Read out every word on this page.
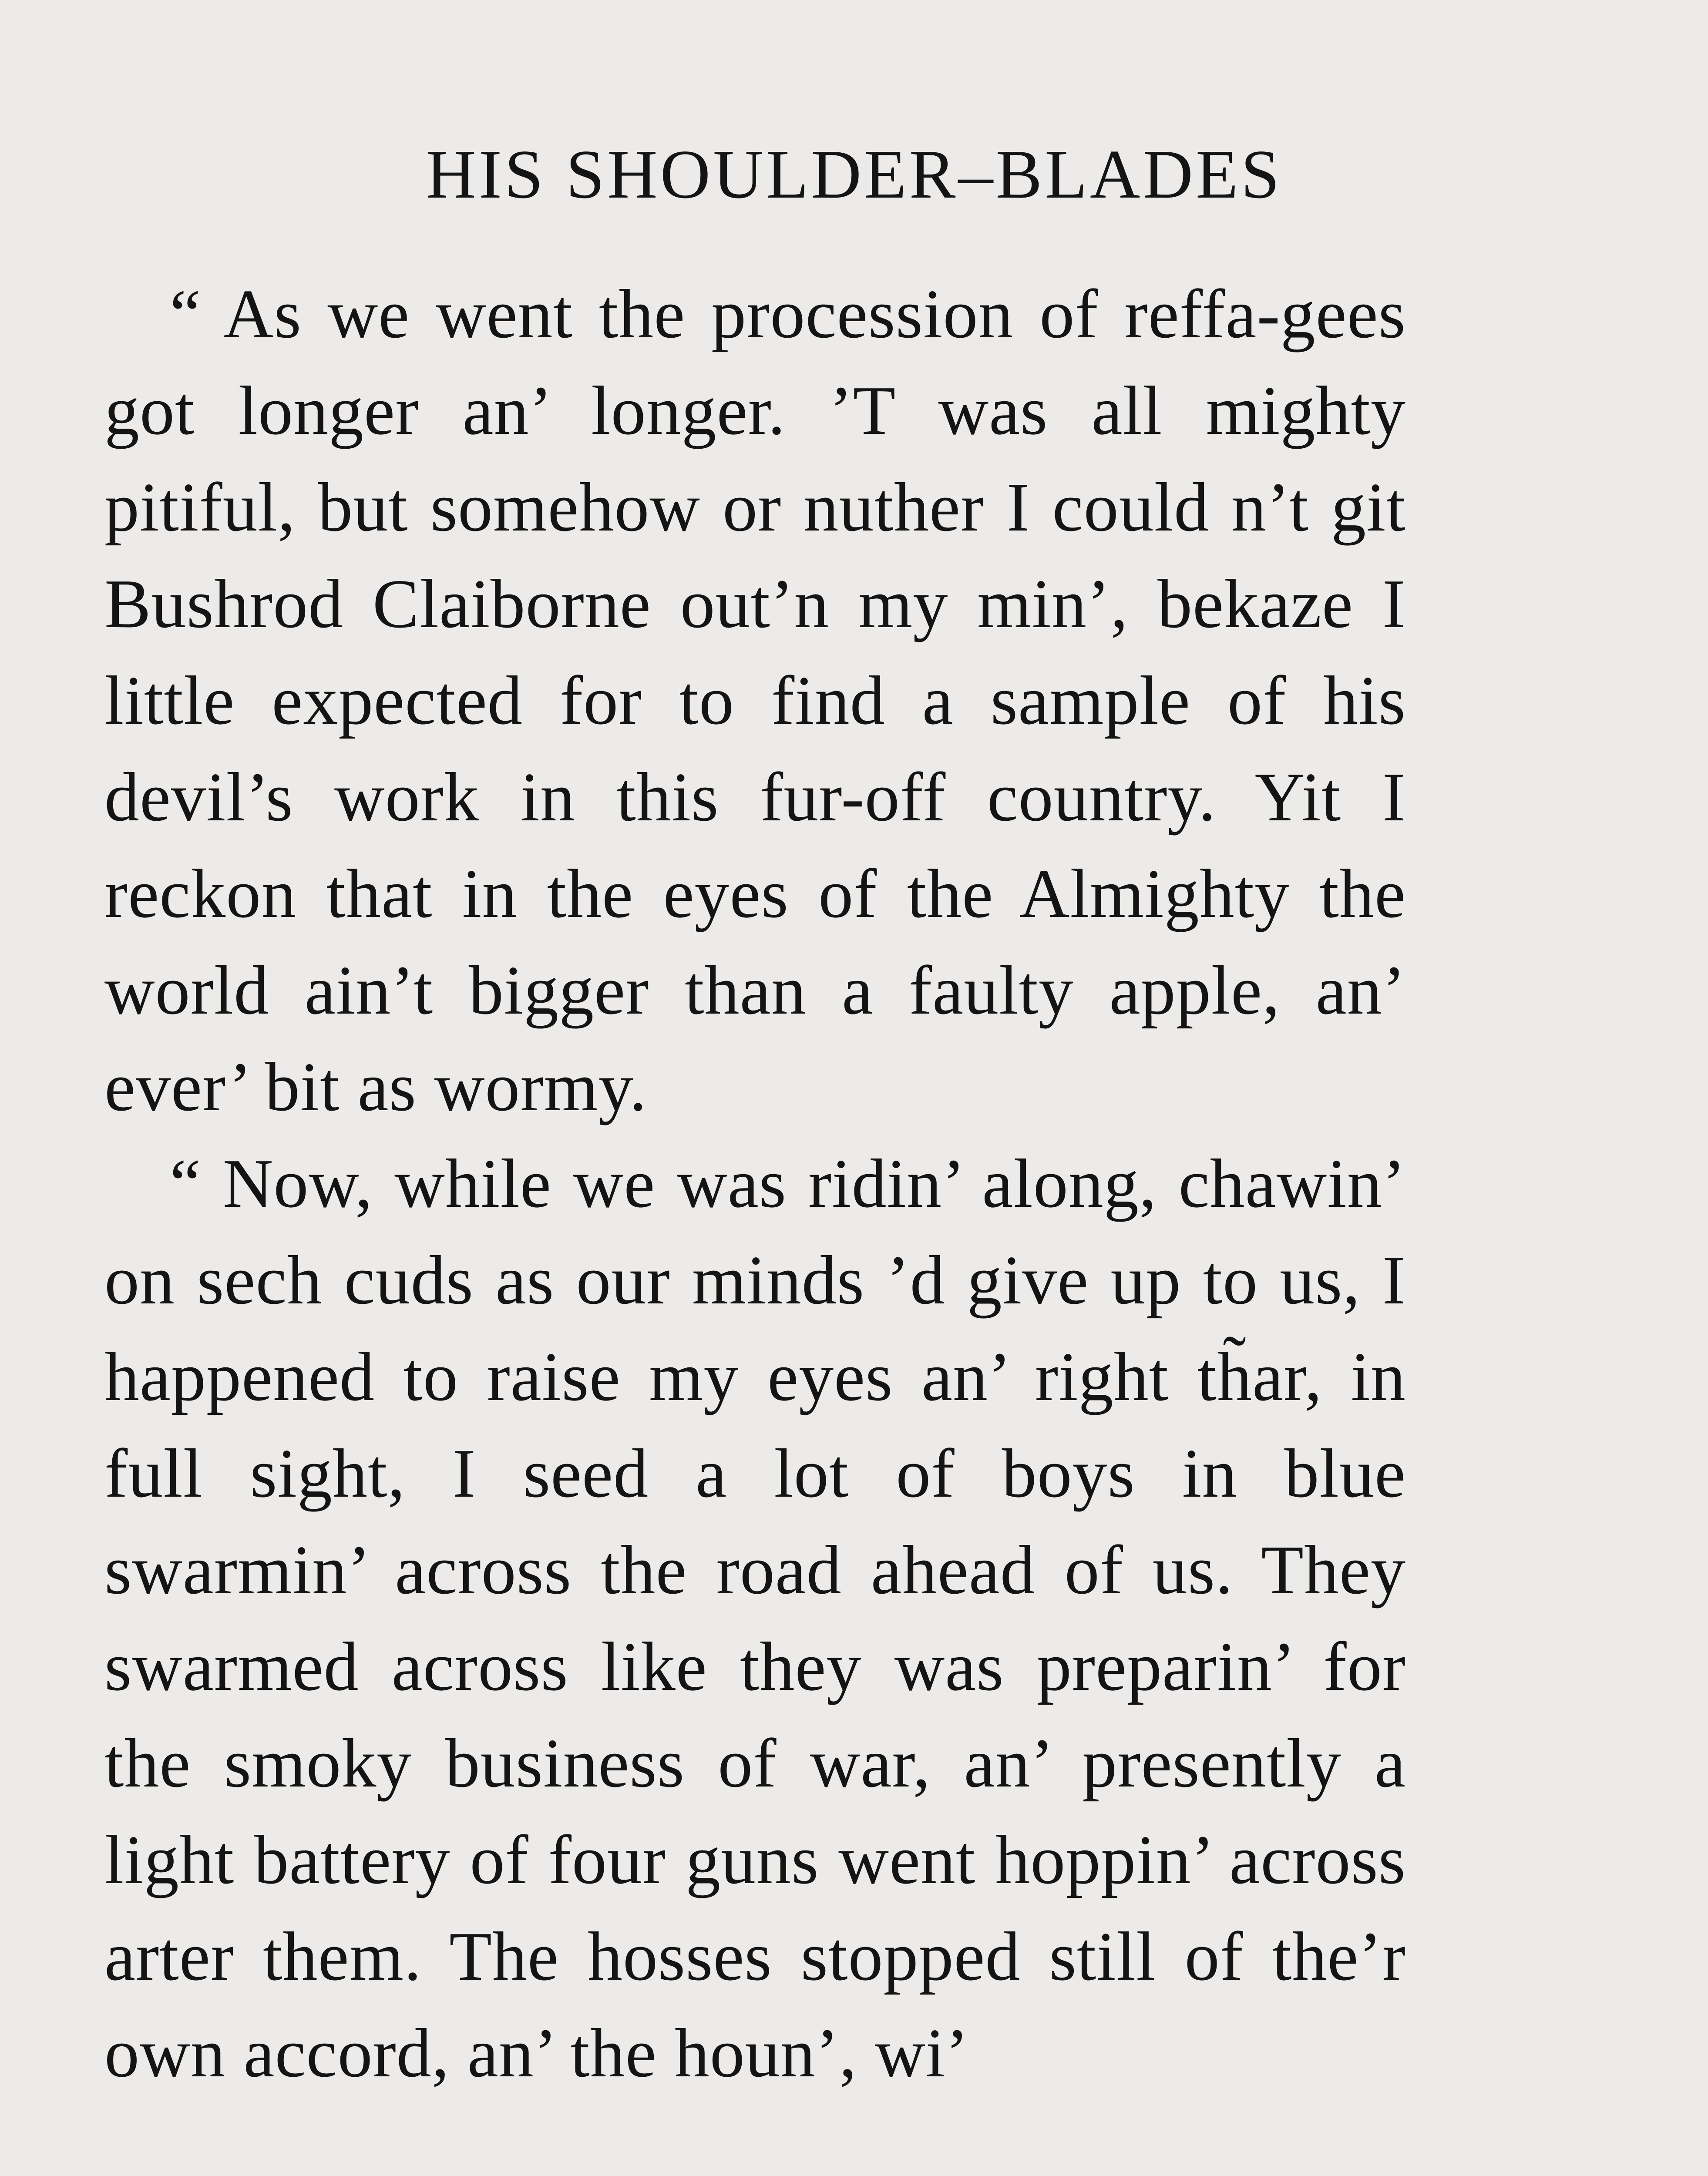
HIS SHOULDER–BLADES

“ As we went the procession of reffa-gees got longer an’ longer. ’T was all mighty pitiful, but somehow or nuther I could n’t git Bushrod Claiborne out’n my min’, bekaze I little expected for to find a sample of his devil’s work in this fur-off country. Yit I reckon that in the eyes of the Almighty the world ain’t bigger than a faulty apple, an’ ever’ bit as wormy.

“ Now, while we was ridin’ along, chawin’ on sech cuds as our minds ’d give up to us, I happened to raise my eyes an’ right th̃ar, in full sight, I seed a lot of boys in blue swarmin’ across the road ahead of us. They swarmed across like they was preparin’ for the smoky business of war, an’ presently a light battery of four guns went hoppin’ across arter them. The hosses stopped still of the’r own accord, an’ the houn’, wi’
